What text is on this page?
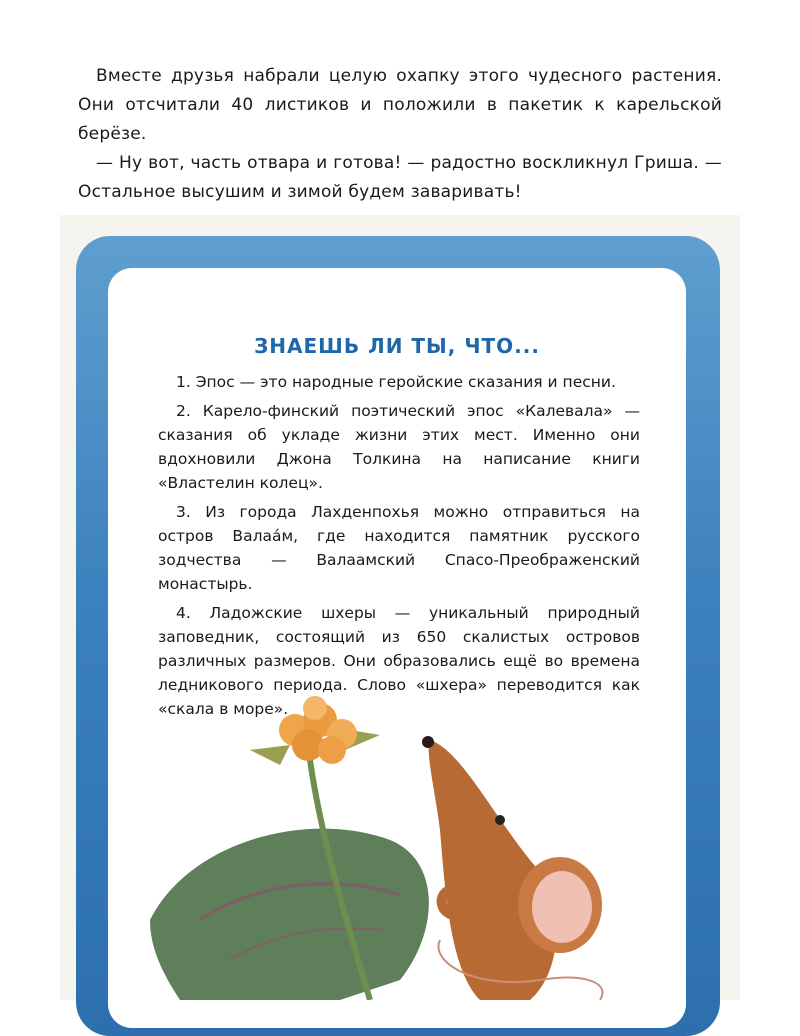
Вместе друзья набрали целую охапку этого чудесного растения. Они отсчитали 40 листиков и положили в пакетик к карельской берёзе.

— Ну вот, часть отвара и готова! — радостно воскликнул Гриша. — Остальное высушим и зимой будем заваривать!

ЗНАЕШЬ ЛИ ТЫ, ЧТО...

1. Эпос — это народные геройские сказания и песни.

2. Карело-финский поэтический эпос «Калевала» — сказания об укладе жизни этих мест. Именно они вдохновили Джона Толкина на написание книги «Властелин колец».

3. Из города Лахденпохья можно отправиться на остров Валаа́м, где находится памятник русского зодчества — Валаамский Спасо-Преображенский монастырь.

4. Ладожские шхеры — уникальный природный заповедник, состоящий из 650 скалистых островов различных размеров. Они образовались ещё во времена ледникового периода. Слово «шхера» переводится как «скала в море».
